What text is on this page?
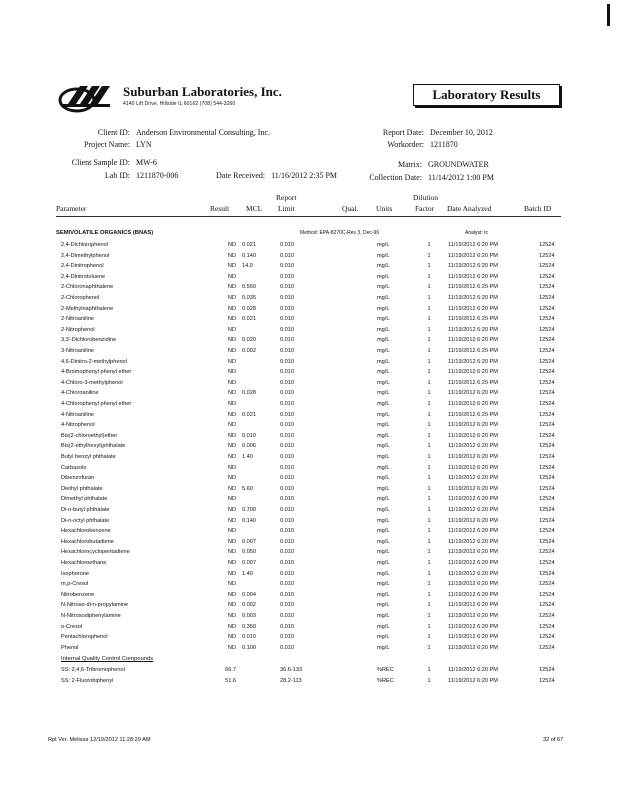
Suburban Laboratories, Inc.
4140 Lift Drive, Hillside IL 60162 (708) 544-3260
Laboratory Results
Client ID: Anderson Environmental Consulting, Inc.
Project Name: LYN
Report Date: December 10, 2012
Workorder: 1211870
Client Sample ID: MW-6
Lab ID: 1211870-006	Date Received: 11/16/2012 2:35 PM
Matrix: GROUNDWATER
Collection Date: 11/14/2012 1:00 PM
Parameter	Result MCL
Report
Limit	Qual. Units
Dilution
Factor Date Analyzed	Batch ID
SEMIVOLATILE ORGANICS (BNAS)	Method: EPA-8270C-Rev 3, Dec-96	Analyst: tc
2,4-Dichlorophenol	ND 0.021	0.010	mg/L	1	11/19/2012 6:20 PM	12524
2,4-Dimethylphenol	ND 0.140	0.010	mg/L	1	11/19/2012 6:20 PM	12524
2,4-Dinitrophenol	ND 14.0	0.010	mg/L	1	11/19/2012 6:20 PM	12524
2,4-Dinitrotoluene	ND	0.010	mg/L	1	11/19/2012 6:20 PM	12524
2-Chloronaphthalene	ND 0.560	0.010	mg/L	1	11/19/2012 6:20 PM	12524
2-Chlorophenol	ND 0.035	0.010	mg/L	1	11/19/2012 6:20 PM	12524
2-Methylnaphthalene	ND 0.028	0.010	mg/L	1	11/19/2012 6:20 PM	12524
2-Nitroaniline	ND 0.021	0.010	mg/L	1	11/19/2012 6:20 PM	12524
2-Nitrophenol	ND	0.010	mg/L	1	11/19/2012 6:20 PM	12524
3,3'-Dichlorobenzidine	ND 0.020	0.010	mg/L	1	11/19/2012 6:20 PM	12524
3-Nitroaniline	ND 0.002	0.010	mg/L	1	11/19/2012 6:20 PM	12524
4,6-Dinitro-2-methylphenol	ND	0.010	mg/L	1	11/19/2012 6:20 PM	12524
4-Bromophenyl phenyl ether	ND	0.010	mg/L	1	11/19/2012 6:20 PM	12524
4-Chloro-3-methylphenol	ND	0.010	mg/L	1	11/19/2012 6:20 PM	12524
4-Chloroaniline	ND 0.028	0.010	mg/L	1	11/19/2012 6:20 PM	12524
4-Chlorophenyl phenyl ether	ND	0.010	mg/L	1	11/19/2012 6:20 PM	12524
4-Nitroaniline	ND 0.021	0.010	mg/L	1	11/19/2012 6:20 PM	12524
4-Nitrophenol	ND	0.010	mg/L	1	11/19/2012 6:20 PM	12524
Bis(2-chloroethyl)ether	ND 0.010	0.010	mg/L	1	11/19/2012 6:20 PM	12524
Bis(2-ethylhexyl)phthalate	ND 0.006	0.010	mg/L	1	11/19/2012 6:20 PM	12524
Butyl benzyl phthalate	ND 1.40	0.010	mg/L	1	11/19/2012 6:20 PM	12524
Carbazole	ND	0.010	mg/L	1	11/19/2012 6:20 PM	12524
Dibenzofuran	ND	0.010	mg/L	1	11/19/2012 6:20 PM	12524
Diethyl phthalate	ND 5.60	0.010	mg/L	1	11/19/2012 6:20 PM	12524
Dimethyl phthalate	ND	0.010	mg/L	1	11/19/2012 6:20 PM	12524
Di-n-butyl phthalate	ND 0.700	0.010	mg/L	1	11/19/2012 6:20 PM	12524
Di-n-octyl phthalate	ND 0.140	0.010	mg/L	1	11/19/2012 6:20 PM	12524
Hexachlorobenzene	ND	0.010	mg/L	1	11/19/2012 6:20 PM	12524
Hexachlorobutadiene	ND 0.007	0.010	mg/L	1	11/19/2012 6:20 PM	12524
Hexachlorocyclopentadiene	ND 0.050	0.010	mg/L	1	11/19/2012 6:20 PM	12524
Hexachloroethane	ND 0.007	0.010	mg/L	1	11/19/2012 6:20 PM	12524
Isophorone	ND 1.40	0.010	mg/L	1	11/19/2012 6:20 PM	12524
m,p-Cresol	ND	0.010	mg/L	1	11/19/2012 6:20 PM	12524
Nitrobenzene	ND 0.004	0.010	mg/L	1	11/19/2012 6:20 PM	12524
N-Nitroso-di-n-propylamine	ND 0.002	0.010	mg/L	1	11/19/2012 6:20 PM	12524
N-Nitrosodiphenylamine	ND 0.003	0.010	mg/L	1	11/19/2012 6:20 PM	12524
o-Cresol	ND 0.350	0.010	mg/L	1	11/19/2012 6:20 PM	12524
Pentachlorophenol	ND 0.010	0.010	mg/L	1	11/19/2012 6:20 PM	12524
Phenol	ND 0.100	0.010	mg/L	1	11/19/2012 6:20 PM	12524
Internal Quality Control Compounds
SS: 2,4,6-Tribromophenol	66.7	36.6-133	%REC	1	11/19/2012 6:20 PM	12524
SS: 2-Fluorobiphenyl	51.6	28.2-113	%REC	1	11/19/2012 6:20 PM	12524
Rpt Ver. Melissa 12/10/2012 11:28:29 AM	32 of 67
